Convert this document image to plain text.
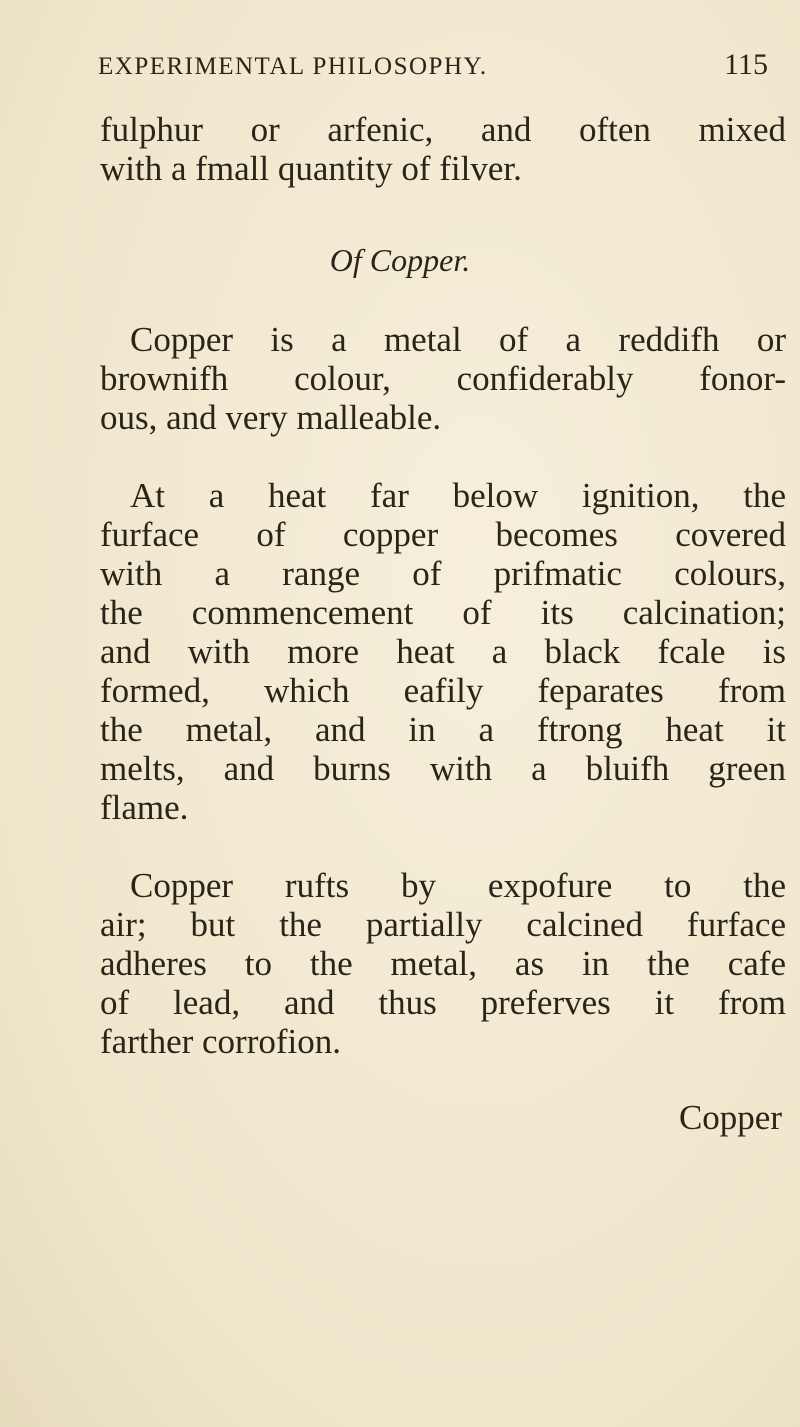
EXPERIMENTAL PHILOSOPHY.	115
fulphur or arfenic, and often mixed
with a fmall quantity of filver.
Of Copper.
Copper is a metal of a reddifh or
brownifh colour, confiderably fonor-
ous, and very malleable.
At a heat far below ignition, the
furface of copper becomes covered
with a range of prifmatic colours,
the commencement of its calcination;
and with more heat a black fcale is
formed, which eafily feparates from
the metal, and in a ftrong heat it
melts, and burns with a bluifh green
flame.
Copper rufts by expofure to the
air; but the partially calcined furface
adheres to the metal, as in the cafe
of lead, and thus preferves it from
farther corrofion.
Copper
